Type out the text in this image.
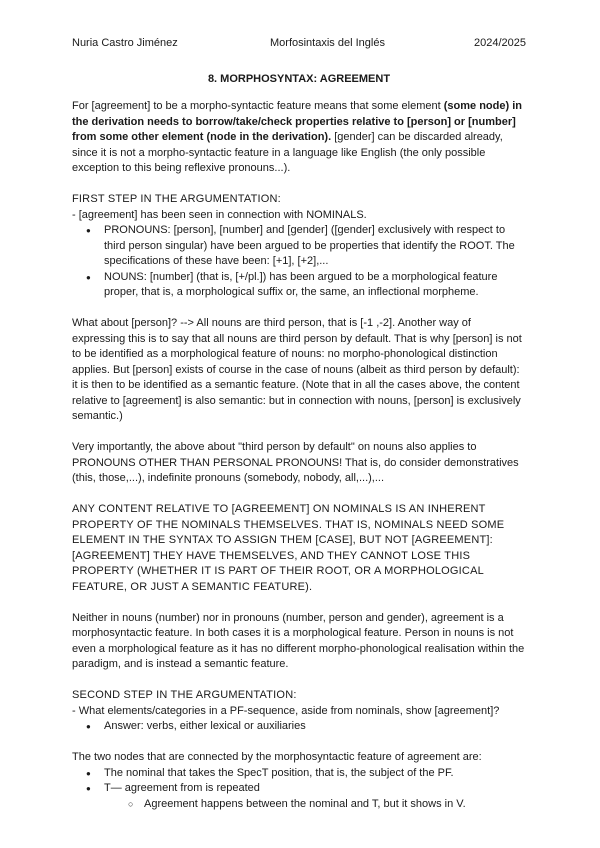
Nuria Castro Jiménez	Morfosintaxis del Inglés	2024/2025
8. MORPHOSYNTAX: AGREEMENT

For [agreement] to be a morpho-syntactic feature means that some element (some node) in the derivation needs to borrow/take/check properties relative to [person] or [number] from some other element (node in the derivation). [gender] can be discarded already, since it is not a morpho-syntactic feature in a language like English (the only possible exception to this being reflexive pronouns...).

FIRST STEP IN THE ARGUMENTATION:

- [agreement] has been seen in connection with NOMINALS.

● PRONOUNS: [person], [number] and [gender] ([gender] exclusively with respect to third person singular) have been argued to be properties that identify the ROOT. The specifications of these have been: [+1], [+2],...
● NOUNS: [number] (that is, [+/pl.]) has been argued to be a morphological feature proper, that is, a morphological suffix or, the same, an inflectional morpheme.

What about [person]? --> All nouns are third person, that is [-1 ,-2]. Another way of expressing this is to say that all nouns are third person by default. That is why [person] is not to be identified as a morphological feature of nouns: no morpho-phonological distinction applies. But [person] exists of course in the case of nouns (albeit as third person by default): it is then to be identified as a semantic feature. (Note that in all the cases above, the content relative to [agreement] is also semantic: but in connection with nouns, [person] is exclusively semantic.)

Very importantly, the above about "third person by default" on nouns also applies to PRONOUNS OTHER THAN PERSONAL PRONOUNS! That is, do consider demonstratives (this, those,...), indefinite pronouns (somebody, nobody, all,...),...

ANY CONTENT RELATIVE TO [AGREEMENT] ON NOMINALS IS AN INHERENT PROPERTY OF THE NOMINALS THEMSELVES. THAT IS, NOMINALS NEED SOME ELEMENT IN THE SYNTAX TO ASSIGN THEM [CASE], BUT NOT [AGREEMENT]: [AGREEMENT] THEY HAVE THEMSELVES, AND THEY CANNOT LOSE THIS PROPERTY (WHETHER IT IS PART OF THEIR ROOT, OR A MORPHOLOGICAL FEATURE, OR JUST A SEMANTIC FEATURE).

Neither in nouns (number) nor in pronouns (number, person and gender), agreement is a morphosyntactic feature. In both cases it is a morphological feature. Person in nouns is not even a morphological feature as it has no different morpho-phonological realisation within the paradigm, and is instead a semantic feature.

SECOND STEP IN THE ARGUMENTATION:

- What elements/categories in a PF-sequence, aside from nominals, show [agreement]?

● Answer: verbs, either lexical or auxiliaries

The two nodes that are connected by the morphosyntactic feature of agreement are:

● The nominal that takes the SpecT position, that is, the subject of the PF.
● T— agreement from is repeated
○ Agreement happens between the nominal and T, but it shows in V.
